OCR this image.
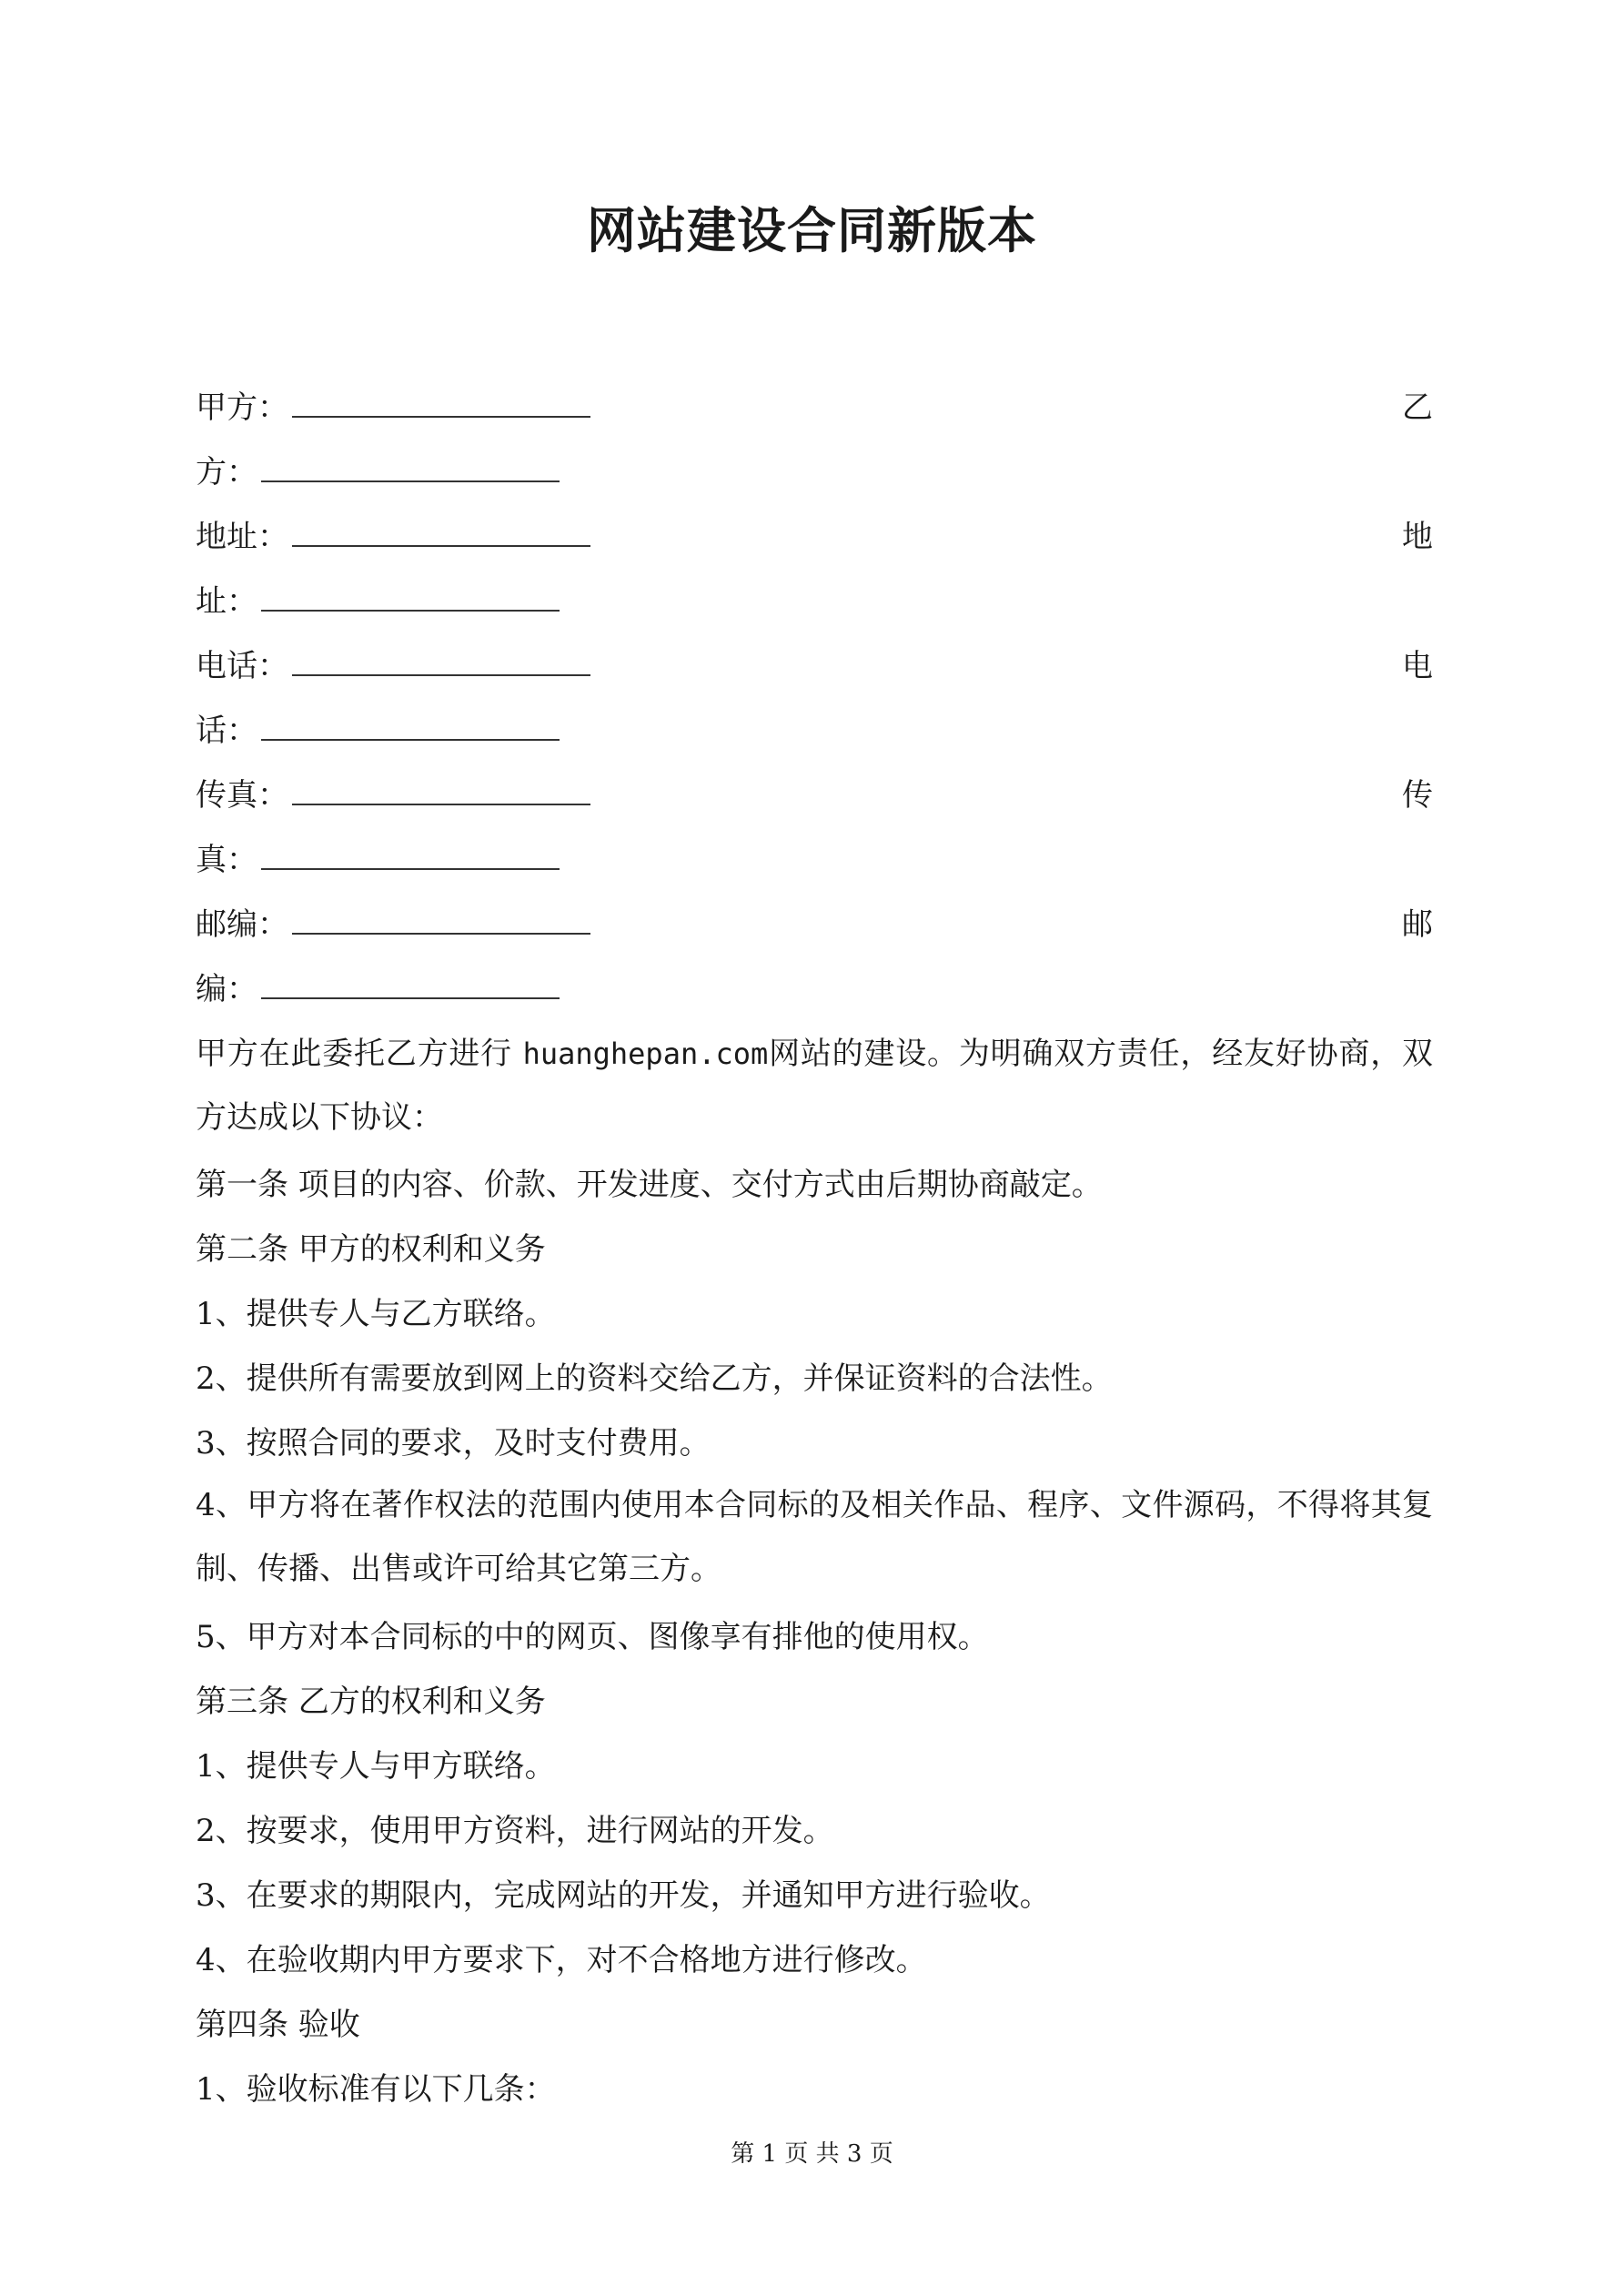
网站建设合同新版本
甲方：	乙
方：
地址：	地
址：
电话：	电
话：
传真：	传
真：
邮编：	邮
编：
甲方在此委托乙方进行 huanghepan.com网站的建设。为明确双方责任，经友好协商，双方达成以下协议：
第一条 项目的内容、价款、开发进度、交付方式由后期协商敲定。
第二条 甲方的权利和义务
1、提供专人与乙方联络。
2、提供所有需要放到网上的资料交给乙方，并保证资料的合法性。
3、按照合同的要求，及时支付费用。
4、甲方将在著作权法的范围内使用本合同标的及相关作品、程序、文件源码，不得将其复制、传播、出售或许可给其它第三方。
5、甲方对本合同标的中的网页、图像享有排他的使用权。
第三条 乙方的权利和义务
1、提供专人与甲方联络。
2、按要求，使用甲方资料，进行网站的开发。
3、在要求的期限内，完成网站的开发，并通知甲方进行验收。
4、在验收期内甲方要求下，对不合格地方进行修改。
第四条 验收
1、验收标准有以下几条：
第 1 页 共 3 页
